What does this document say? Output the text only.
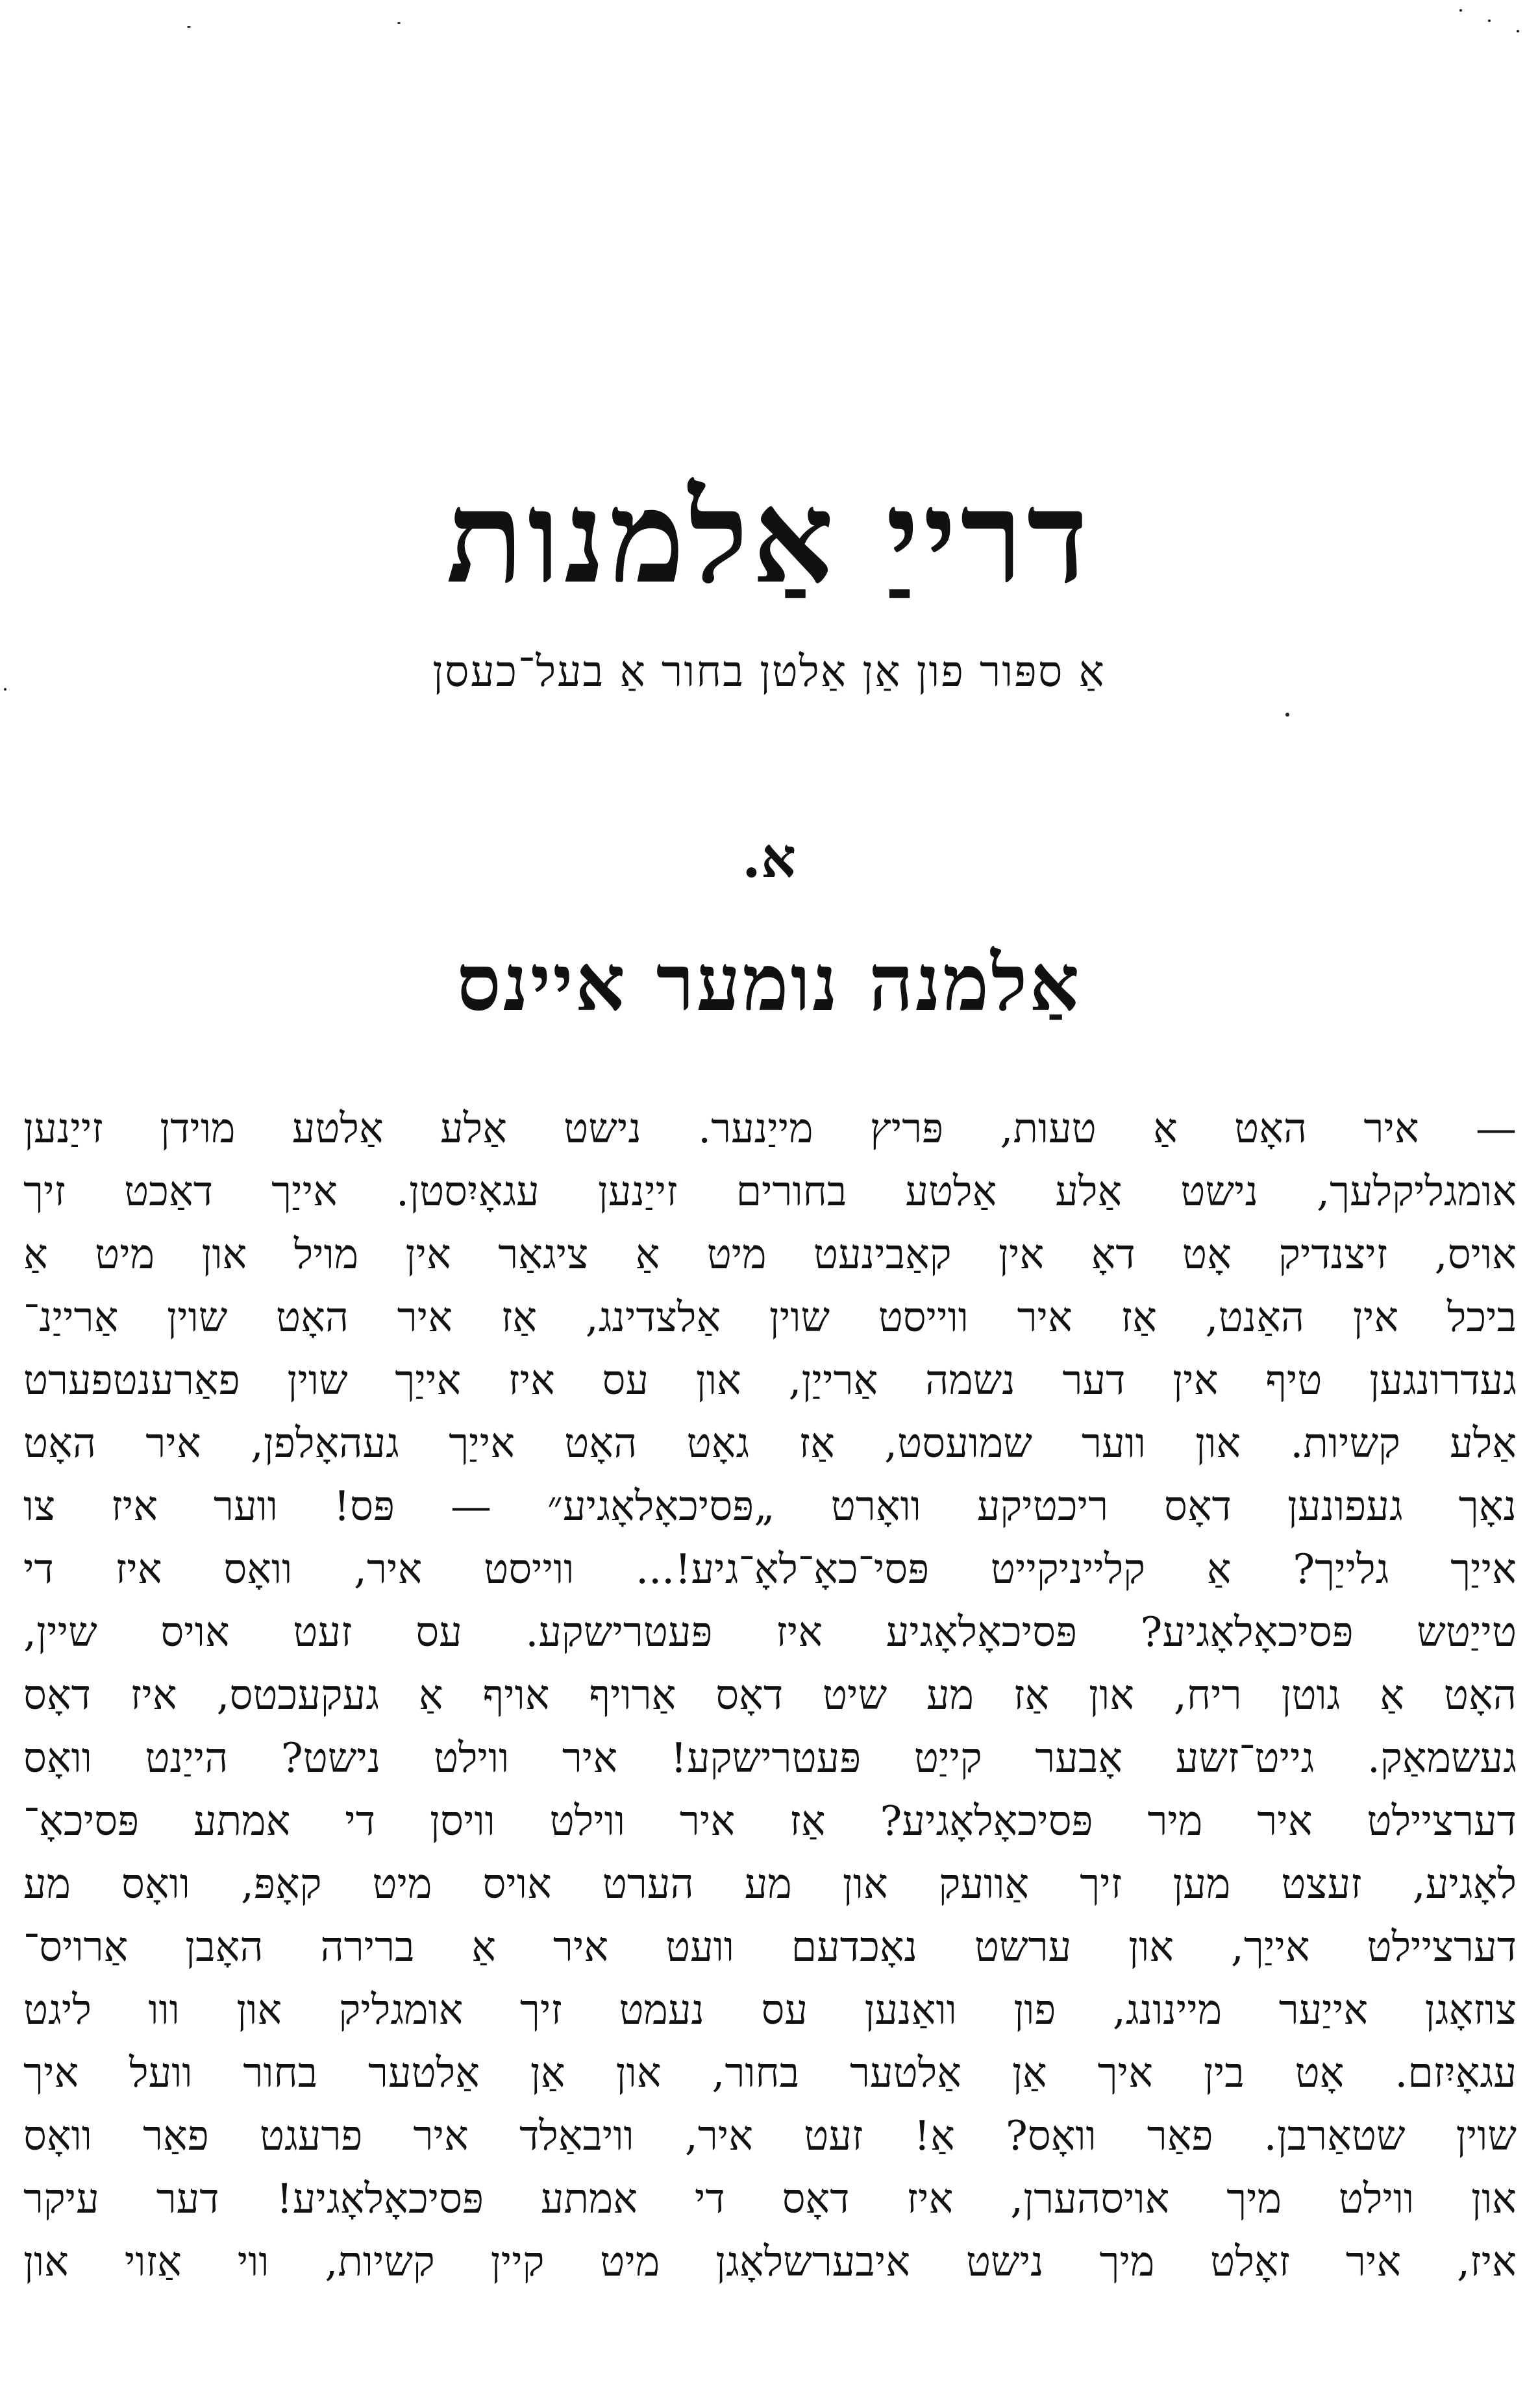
דרייַ אַלמנות
אַ ספּור פון אַן אַלטן בחור אַ בעל־כעסן
א.
אַלמנה נומער איינס
— איר האָט אַ טעות, פּריץ מייַנער. נישט אַלע אַלטע מוידן זייַנען
אומגליקלעך, נישט אַלע אַלטע בחורים זייַנען עגאָיִסטן. אייַך דאַכט זיך
אויס, זיצנדיק אָט דאָ אין קאַבינעט מיט אַ ציגאַר אין מויל און מיט אַ
ביכל אין האַנט, אַז איר ווייסט שוין אַלצדינג, אַז איר האָט שוין אַרייַנ־
געדרונגען טיף אין דער נשמה אַרייַן, און עס איז אייַך שוין פאַרענטפערט
אַלע קשיות. און ווער שמועסט, אַז גאָט האָט אייַך געהאָלפן, איר האָט
נאָך געפונען דאָס ריכטיקע וואָרט „פּסיכאָלאָגיע״ — פּס! ווער איז צו
אייַך גלייַך? אַ קלייניקייט פּסי־כאָ־לאָ־גיע!... ווייסט איר, וואָס איז די
טייַטש פּסיכאָלאָגיע? פּסיכאָלאָגיע איז פּעטרישקע. עס זעט אויס שיין,
האָט אַ גוטן ריח, און אַז מע שיט דאָס אַרויף אויף אַ געקעכטס, איז דאָס
געשמאַק. גייט־זשע אָבער קייַט פּעטרישקע! איר ווילט נישט? הייַנט וואָס
דערציילט איר מיר פּסיכאָלאָגיע? אַז איר ווילט וויסן די אמתע פּסיכאָ־
לאָגיע, זעצט מען זיך אַוועק און מע הערט אויס מיט קאָפּ, וואָס מע
דערציילט אייַך, און ערשט נאָכדעם וועט איר אַ ברירה האָבן אַרויס־
צוזאָגן אייַער מיינונג, פון וואַנען עס נעמט זיך אומגליק און ווו ליגט
עגאָיִזם. אָט בין איך אַן אַלטער בחור, און אַן אַלטער בחור וועל איך
שוין שטאַרבן. פאַר וואָס? אַ! זעט איר, וויבאַלד איר פרעגט פאַר וואָס
און ווילט מיך אויסהערן, איז דאָס די אמתע פּסיכאָלאָגיע! דער עיקר
איז, איר זאָלט מיך נישט איבערשלאָגן מיט קיין קשיות, ווי אַזוי און
